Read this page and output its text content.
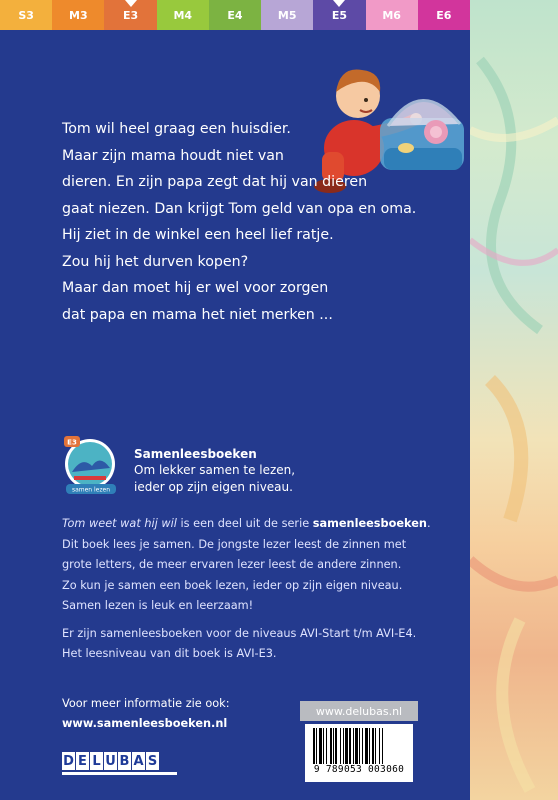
S3	M3	E3	M4	E4	M5	E5	M6	E6

Tom wil heel graag een huisdier.

Maar zijn mama houdt niet van

dieren. En zijn papa zegt dat hij van dieren

gaat niezen. Dan krijgt Tom geld van opa en oma.

Hij ziet in de winkel een heel lief ratje.

Zou hij het durven kopen?

Maar dan moet hij er wel voor zorgen

dat papa en mama het niet merken ...

E3
samen lezen
Samenleesboeken
Om lekker samen te lezen,
ieder op zijn eigen niveau.

Tom weet wat hij wil is een deel uit de serie samenleesboeken.

Dit boek lees je samen. De jongste lezer leest de zinnen met

grote letters, de meer ervaren lezer leest de andere zinnen.

Zo kun je samen een boek lezen, ieder op zijn eigen niveau.

Samen lezen is leuk en leerzaam!

Er zijn samenleesboeken voor de niveaus AVI-Start t/m AVI-E4.

Het leesniveau van dit boek is AVI-E3.

Voor meer informatie zie ook:

www.samenleesboeken.nl

D E L U B A S
www.delubas.nl
9 789053 003060
